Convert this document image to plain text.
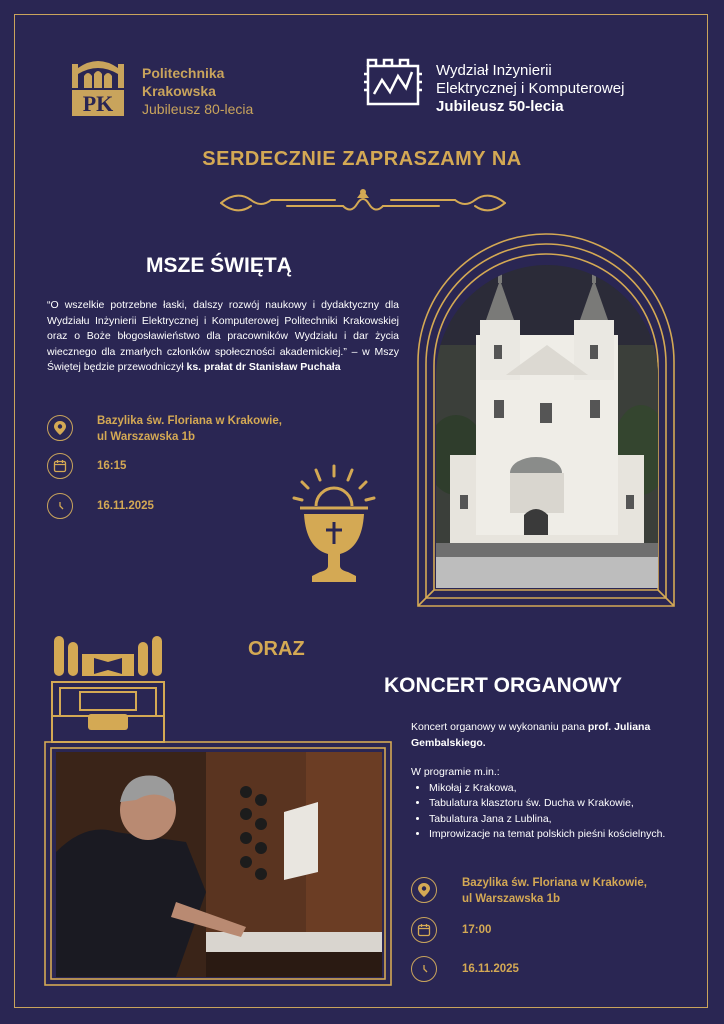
PK
Politechnika
Krakowska
Jubileusz 80-lecia
Wydział Inżynierii
Elektrycznej i Komputerowej
Jubileusz 50-lecia
SERDECZNIE ZAPRASZAMY NA
MSZE ŚWIĘTĄ
“O wszelkie potrzebne łaski, dalszy rozwój naukowy i dydaktyczny dla Wydziału Inżynierii Elektrycznej i Komputerowej Politechniki Krakowskiej oraz o Boże błogosławieństwo dla pracowników Wydziału i dar życia wiecznego dla zmarłych członków społeczności akademickiej.” – w Mszy Świętej będzie przewodniczył ks. prałat dr Stanisław Puchała
Bazylika św. Floriana w Krakowie,
ul Warszawska 1b
16:15
16.11.2025
ORAZ
KONCERT ORGANOWY
Koncert organowy w wykonaniu pana prof. Juliana Gembalskiego.
W programie m.in.:
• Mikołaj z Krakowa,
• Tabulatura klasztoru św. Ducha w Krakowie,
• Tabulatura Jana z Lublina,
• Improwizacje na temat polskich pieśni kościelnych.
Bazylika św. Floriana w Krakowie,
ul Warszawska 1b
17:00
16.11.2025
